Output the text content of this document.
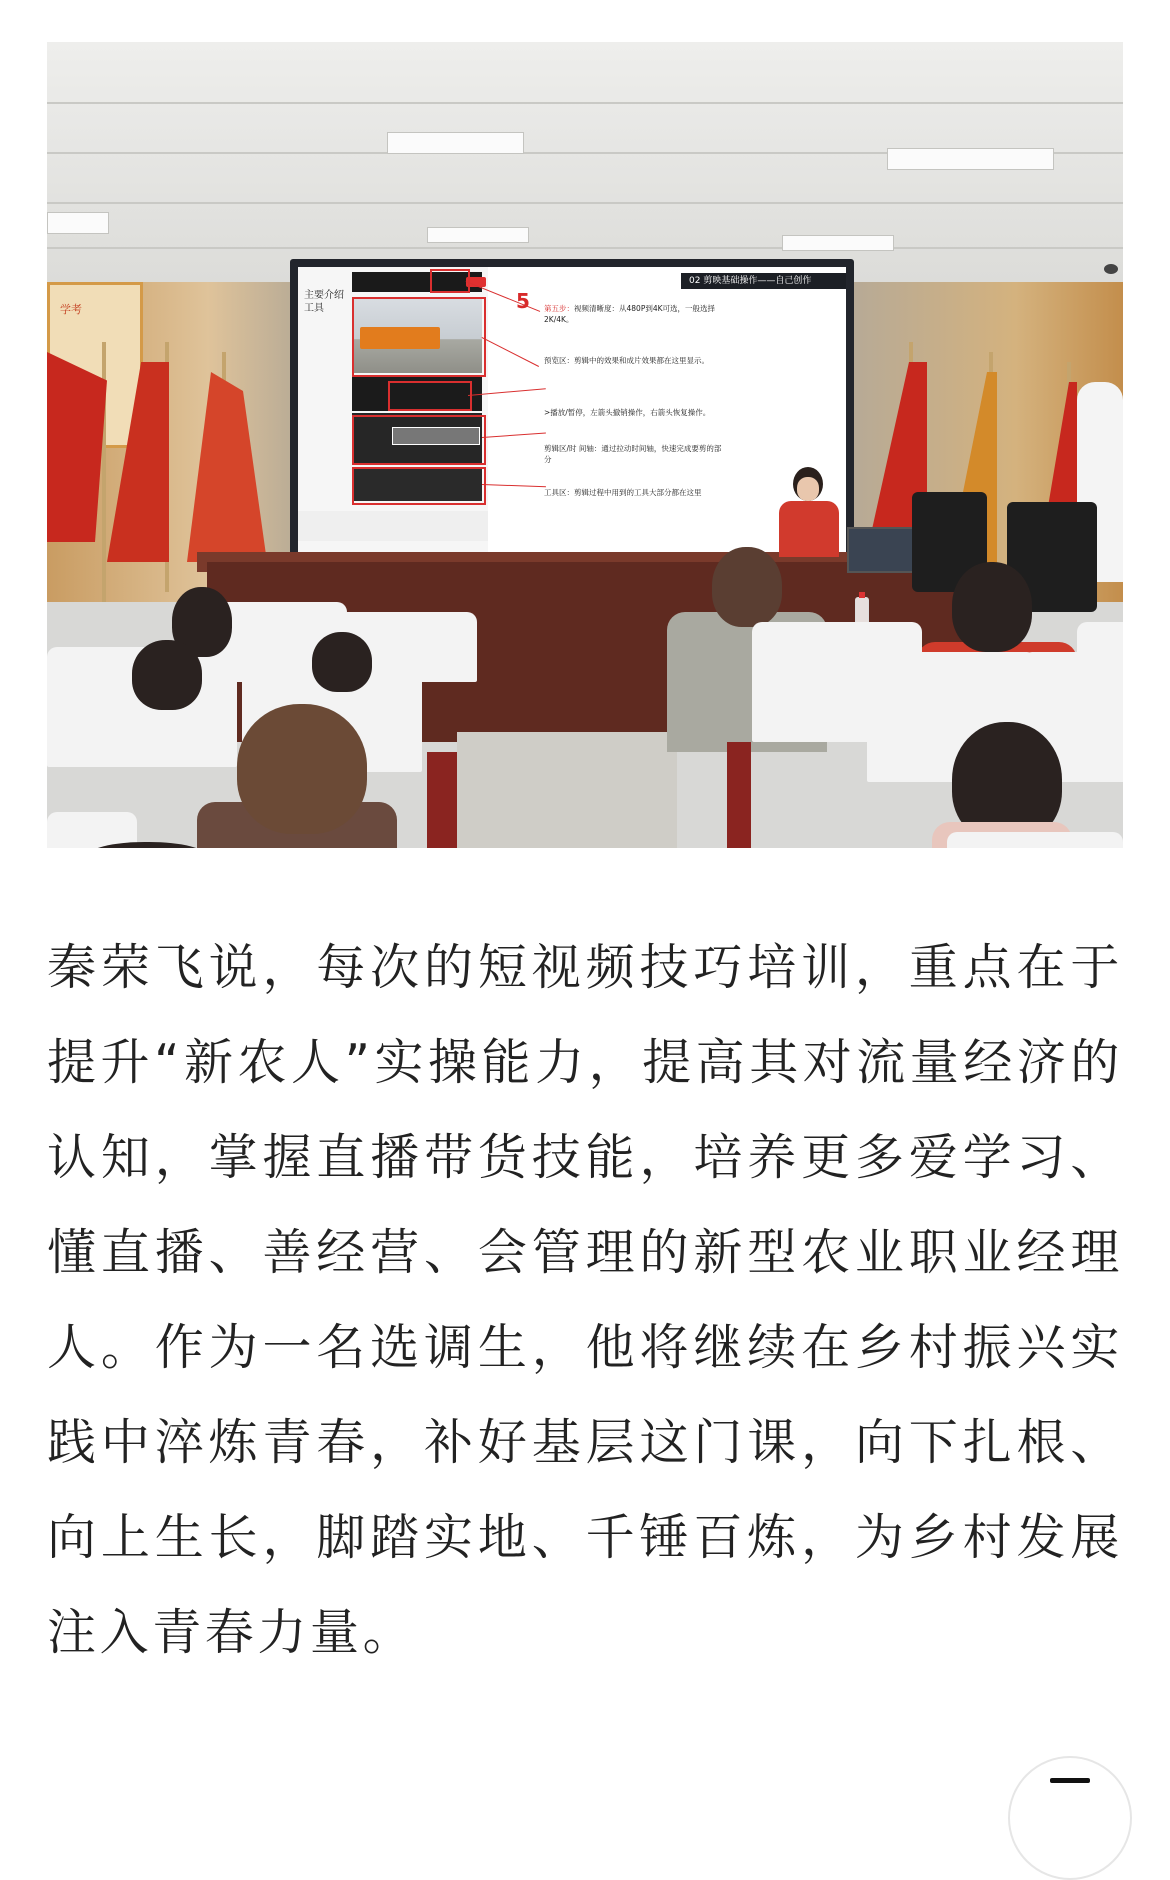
学考
主要介绍工具
02 剪映基础操作——自己创作
5 第五步：视频清晰度：从480P到4K可选，一般选择2K/4K。
预览区：剪辑中的效果和成片效果都在这里显示。
>播放/暂停，左箭头撤销操作，右箭头恢复操作。
剪辑区/时 间轴：通过拉动时间轴，快速完成要剪的部分
工具区：剪辑过程中用到的工具大部分都在这里

秦荣飞说，每次的短视频技巧培训，重点在于提升“新农人”实操能力，提高其对流量经济的认知，掌握直播带货技能，培养更多爱学习、懂直播、善经营、会管理的新型农业职业经理人。作为一名选调生，他将继续在乡村振兴实践中淬炼青春，补好基层这门课，向下扎根、向上生长，脚踏实地、千锤百炼，为乡村发展注入青春力量。
